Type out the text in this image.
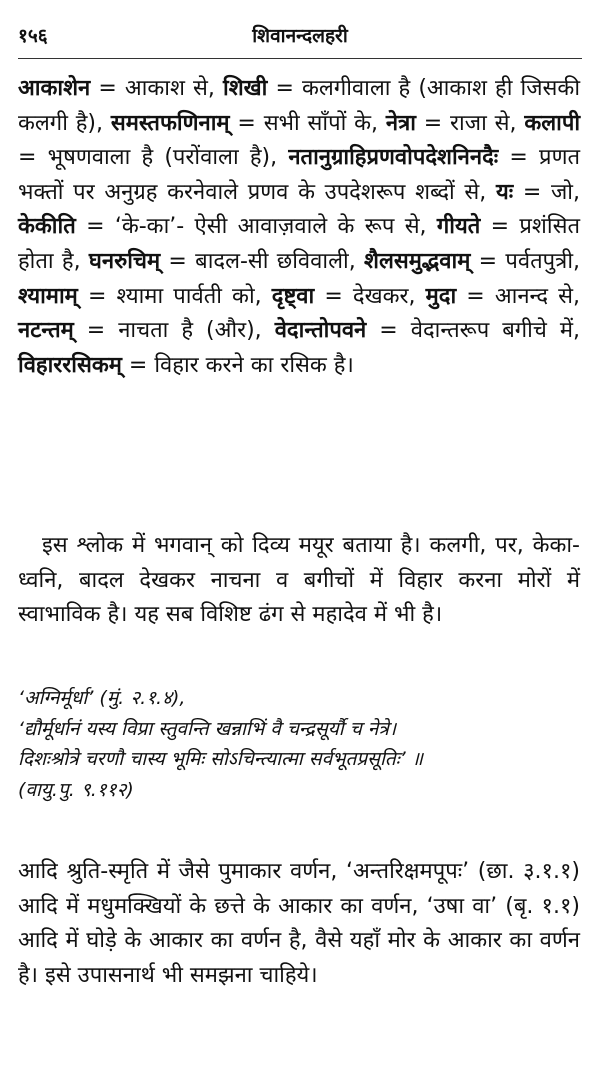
१५६	शिवानन्दलहरी
आकाशेन = आकाश से, शिखी = कलगीवाला है (आकाश ही जिसकी कलगी है), समस्तफणिनाम् = सभी साँपों के, नेत्रा = राजा से, कलापी = भूषणवाला है (परोंवाला है), नतानुग्राहिप्रणवोपदेशनिनदैः = प्रणत भक्तों पर अनुग्रह करनेवाले प्रणव के उपदेशरूप शब्दों से, यः = जो, केकीति = ‘के-का’- ऐसी आवाज़वाले के रूप से, गीयते = प्रशंसित होता है, घनरुचिम् = बादल-सी छविवाली, शैलसमुद्भवाम् = पर्वतपुत्री, श्यामाम् = श्यामा पार्वती को, दृष्ट्वा = देखकर, मुदा = आनन्द से, नटन्तम् = नाचता है (और), वेदान्तोपवने = वेदान्तरूप बगीचे में, विहाररसिकम् = विहार करने का रसिक है।
इस श्लोक में भगवान् को दिव्य मयूर बताया है। कलगी, पर, केका-ध्वनि, बादल देखकर नाचना व बगीचों में विहार करना मोरों में स्वाभाविक है। यह सब विशिष्ट ढंग से महादेव में भी है।
‘अग्निर्मूर्धा’ (मुं. २.१.४),
‘द्यौर्मूर्धानं यस्य विप्रा स्तुवन्ति खन्नाभिं वै चन्द्रसूर्यौ च नेत्रे।
दिशःश्रोत्रे चरणौ चास्य भूमिः सोऽचिन्त्यात्मा सर्वभूतप्रसूतिः’ ॥

(वायु.पु. ९.११२)
आदि श्रुति-स्मृति में जैसे पुमाकार वर्णन, ‘अन्तरिक्षमपूपः’ (छा. ३.१.१) आदि में मधुमक्खियों के छत्ते के आकार का वर्णन, ‘उषा वा’ (बृ. १.१) आदि में घोड़े के आकार का वर्णन है, वैसे यहाँ मोर के आकार का वर्णन है। इसे उपासनार्थ भी समझना चाहिये।
